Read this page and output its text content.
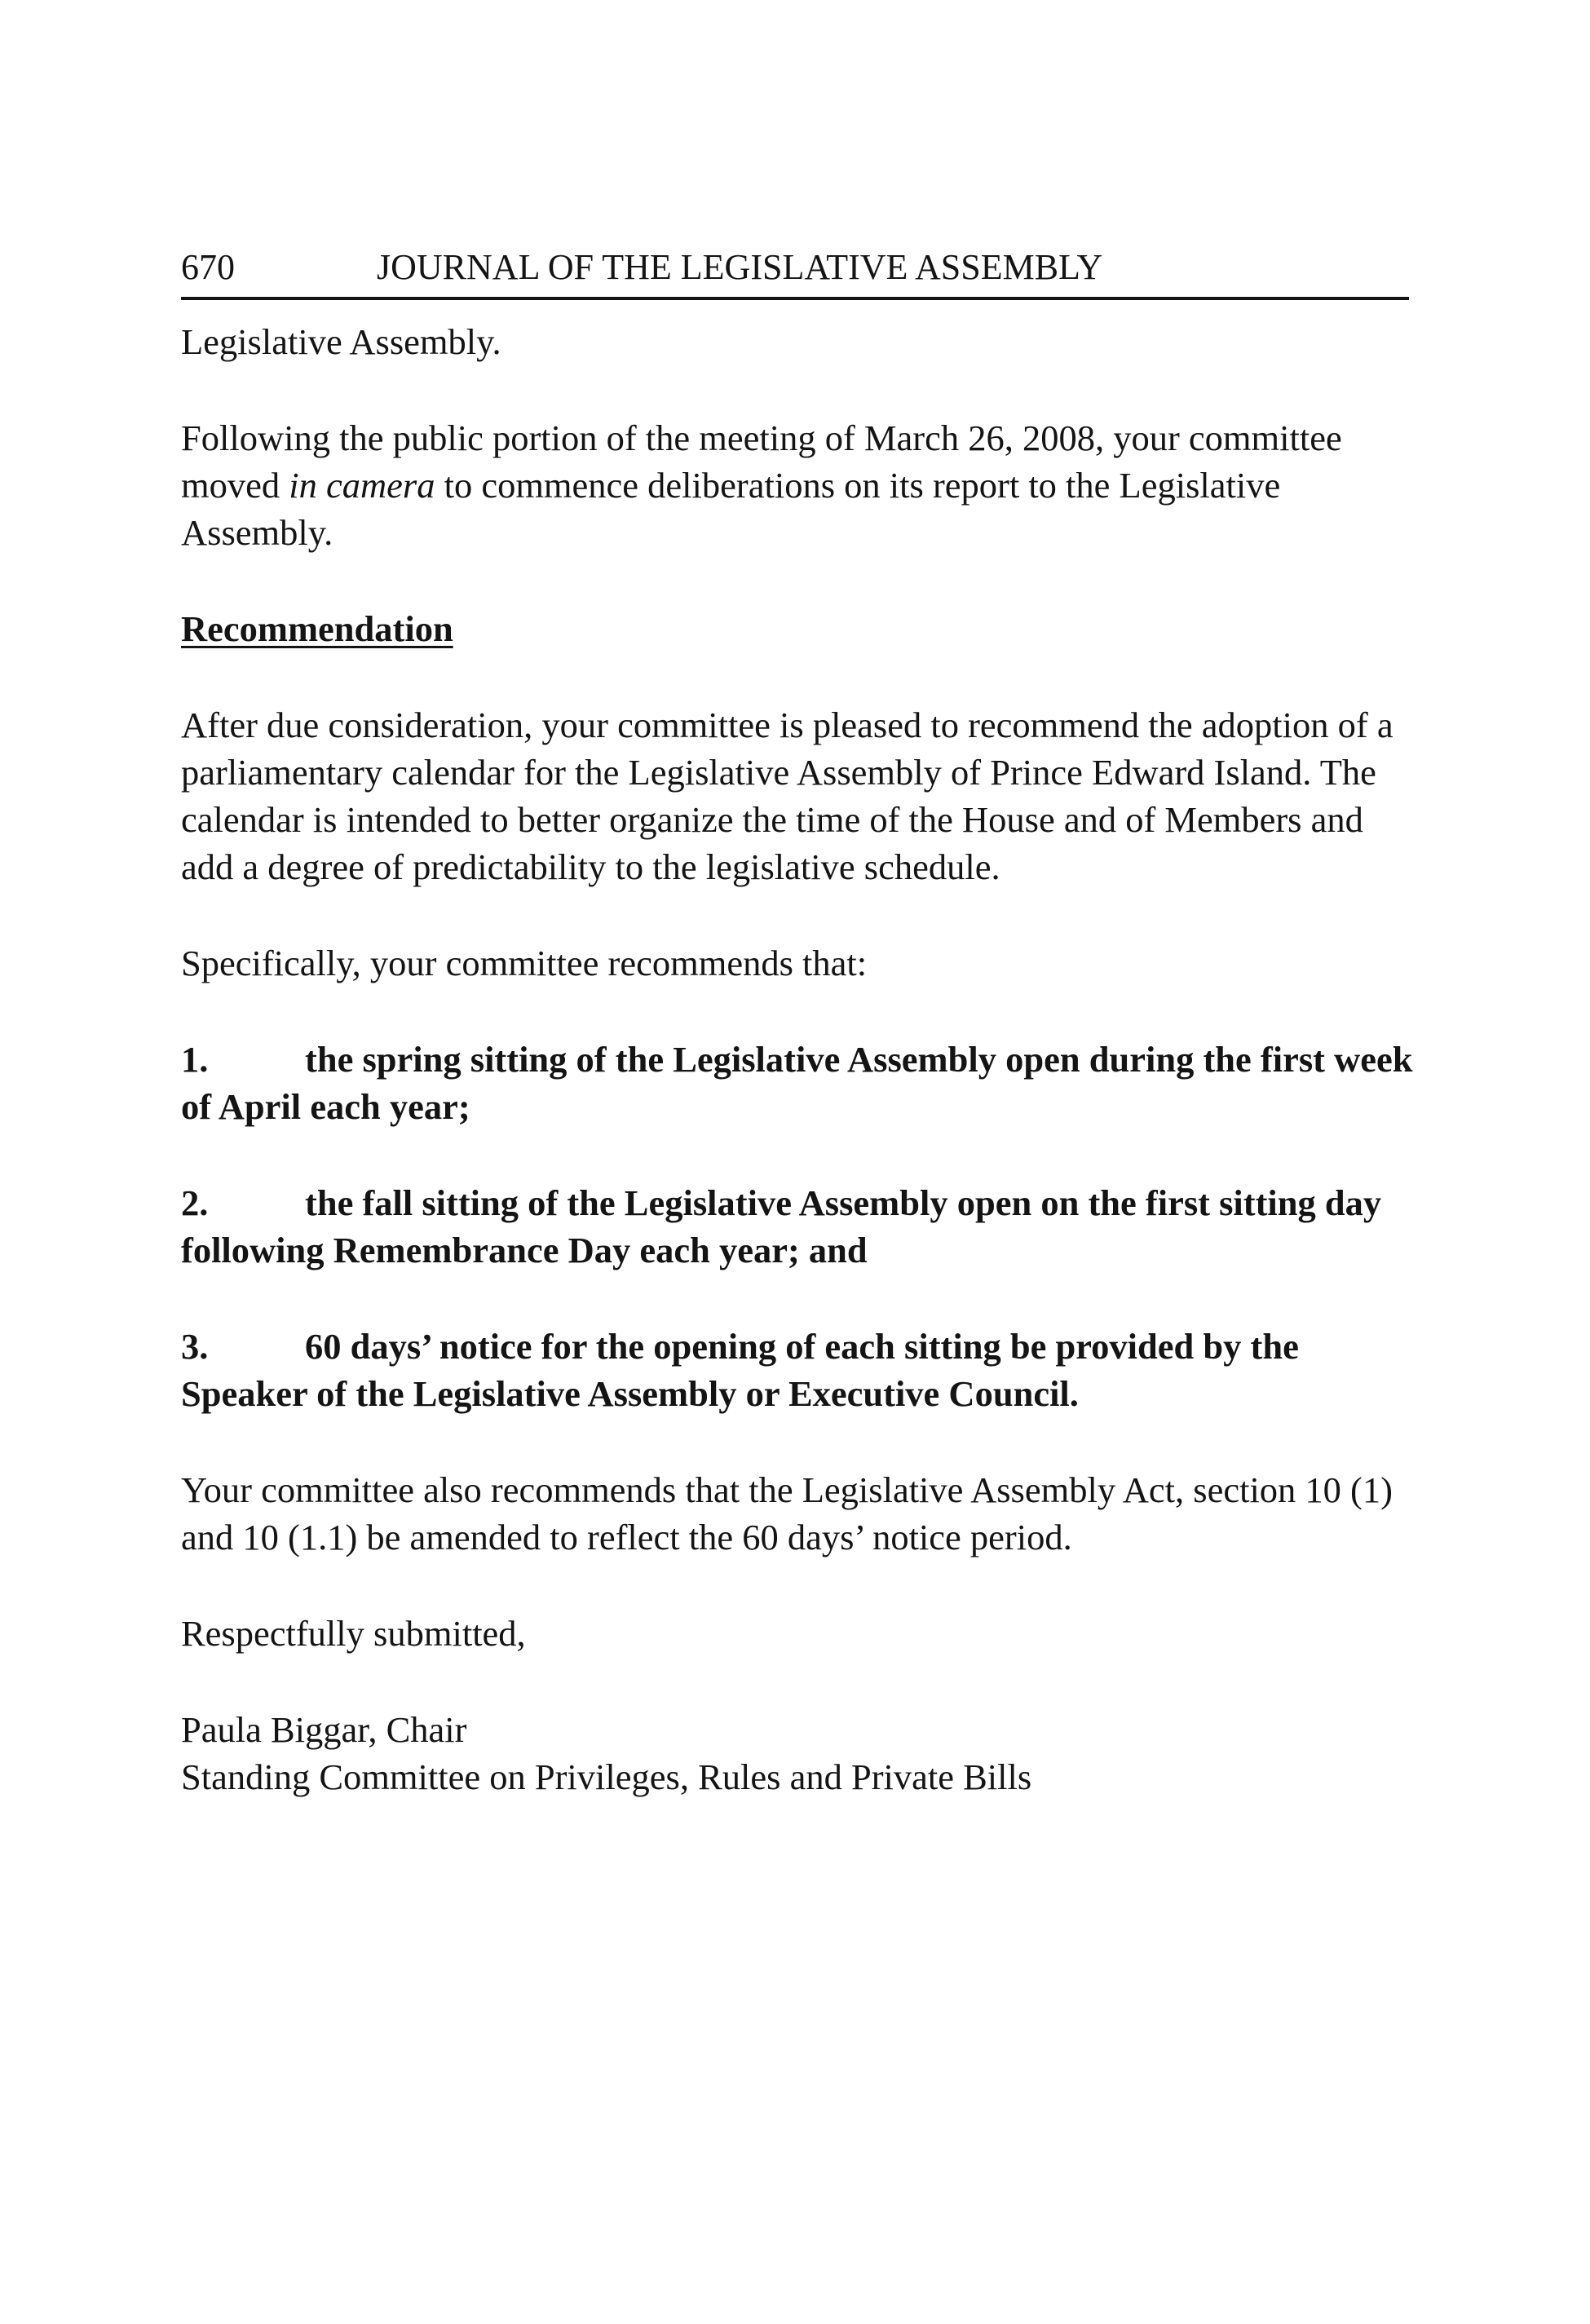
670	JOURNAL OF THE LEGISLATIVE ASSEMBLY

Legislative Assembly.

Following the public portion of the meeting of March 26, 2008, your committee moved in camera to commence deliberations on its report to the Legislative Assembly.

Recommendation

After due consideration, your committee is pleased to recommend the adoption of a parliamentary calendar for the Legislative Assembly of Prince Edward Island. The calendar is intended to better organize the time of the House and of Members and add a degree of predictability to the legislative schedule.

Specifically, your committee recommends that:

1.	the spring sitting of the Legislative Assembly open during the first week of April each year;

2.	the fall sitting of the Legislative Assembly open on the first sitting day following Remembrance Day each year; and

3.	60 days’ notice for the opening of each sitting be provided by the Speaker of the Legislative Assembly or Executive Council.

Your committee also recommends that the Legislative Assembly Act, section 10 (1) and 10 (1.1) be amended to reflect the 60 days’ notice period.

Respectfully submitted,

Paula Biggar, Chair

Standing Committee on Privileges, Rules and Private Bills
